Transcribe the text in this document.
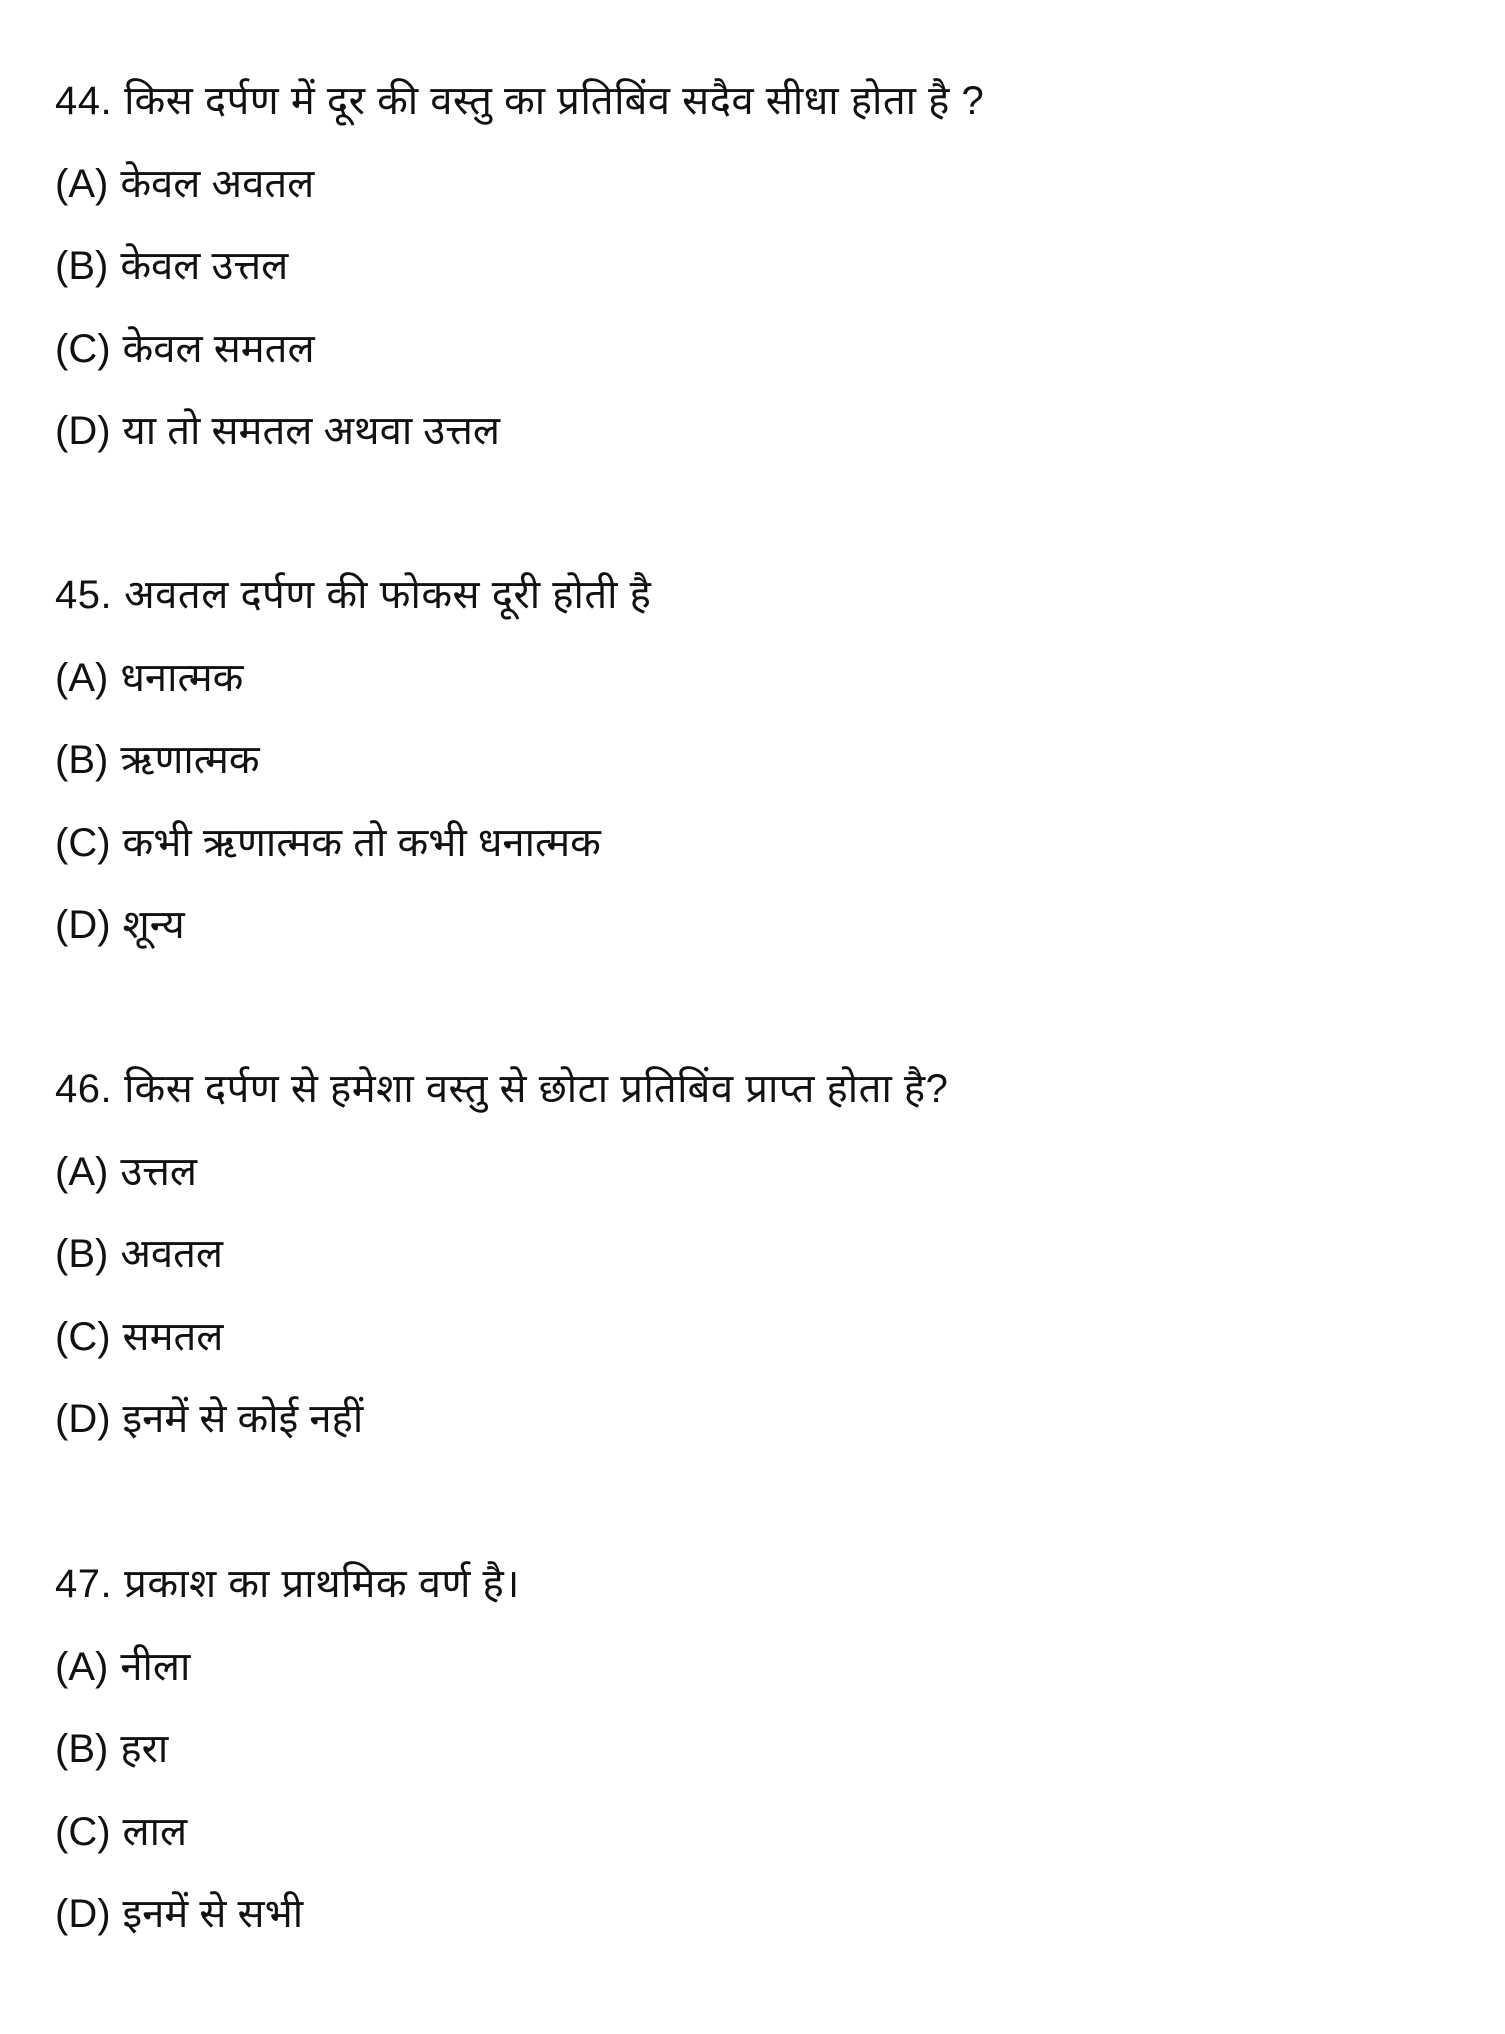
44. किस दर्पण में दूर की वस्तु का प्रतिबिंव सदैव सीधा होता है ?
(A) केवल अवतल
(B) केवल उत्तल
(C) केवल समतल
(D) या तो समतल अथवा उत्तल
45. अवतल दर्पण की फोकस दूरी होती है
(A) धनात्मक
(B) ऋणात्मक
(C) कभी ऋणात्मक तो कभी धनात्मक
(D) शून्य
46. किस दर्पण से हमेशा वस्तु से छोटा प्रतिबिंव प्राप्त होता है?
(A) उत्तल
(B) अवतल
(C) समतल
(D) इनमें से कोई नहीं
47. प्रकाश का प्राथमिक वर्ण है।
(A) नीला
(B) हरा
(C) लाल
(D) इनमें से सभी
